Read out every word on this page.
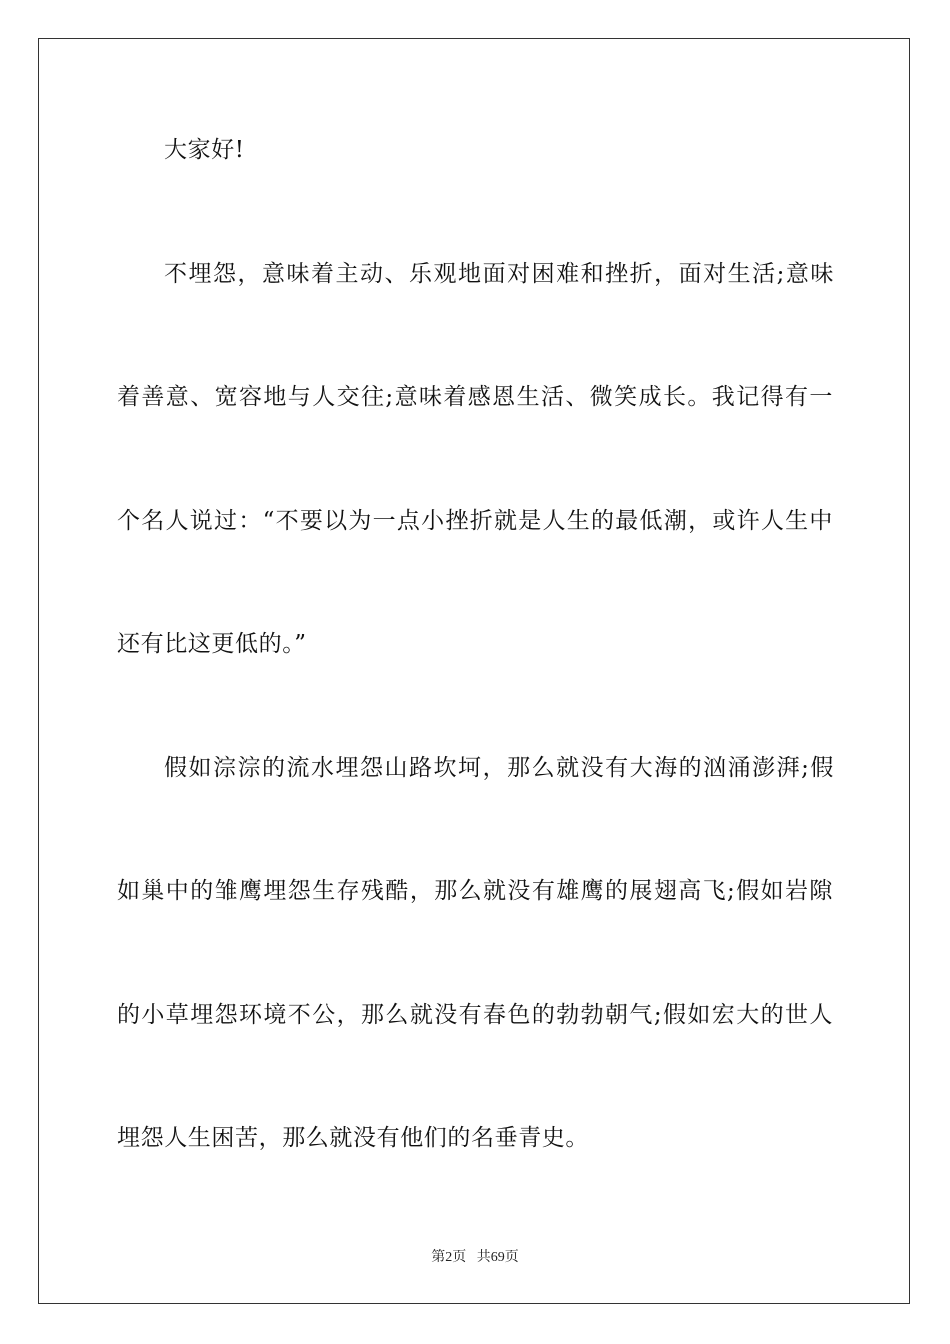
大家好!
不埋怨，意味着主动、乐观地面对困难和挫折，面对生活;意味
着善意、宽容地与人交往;意味着感恩生活、微笑成长。我记得有一
个名人说过：“不要以为一点小挫折就是人生的最低潮，或许人生中
还有比这更低的。”
假如淙淙的流水埋怨山路坎坷，那么就没有大海的汹涌澎湃;假
如巢中的雏鹰埋怨生存残酷，那么就没有雄鹰的展翅高飞;假如岩隙
的小草埋怨环境不公，那么就没有春色的勃勃朝气;假如宏大的世人
埋怨人生困苦，那么就没有他们的名垂青史。
第2页   共69页
